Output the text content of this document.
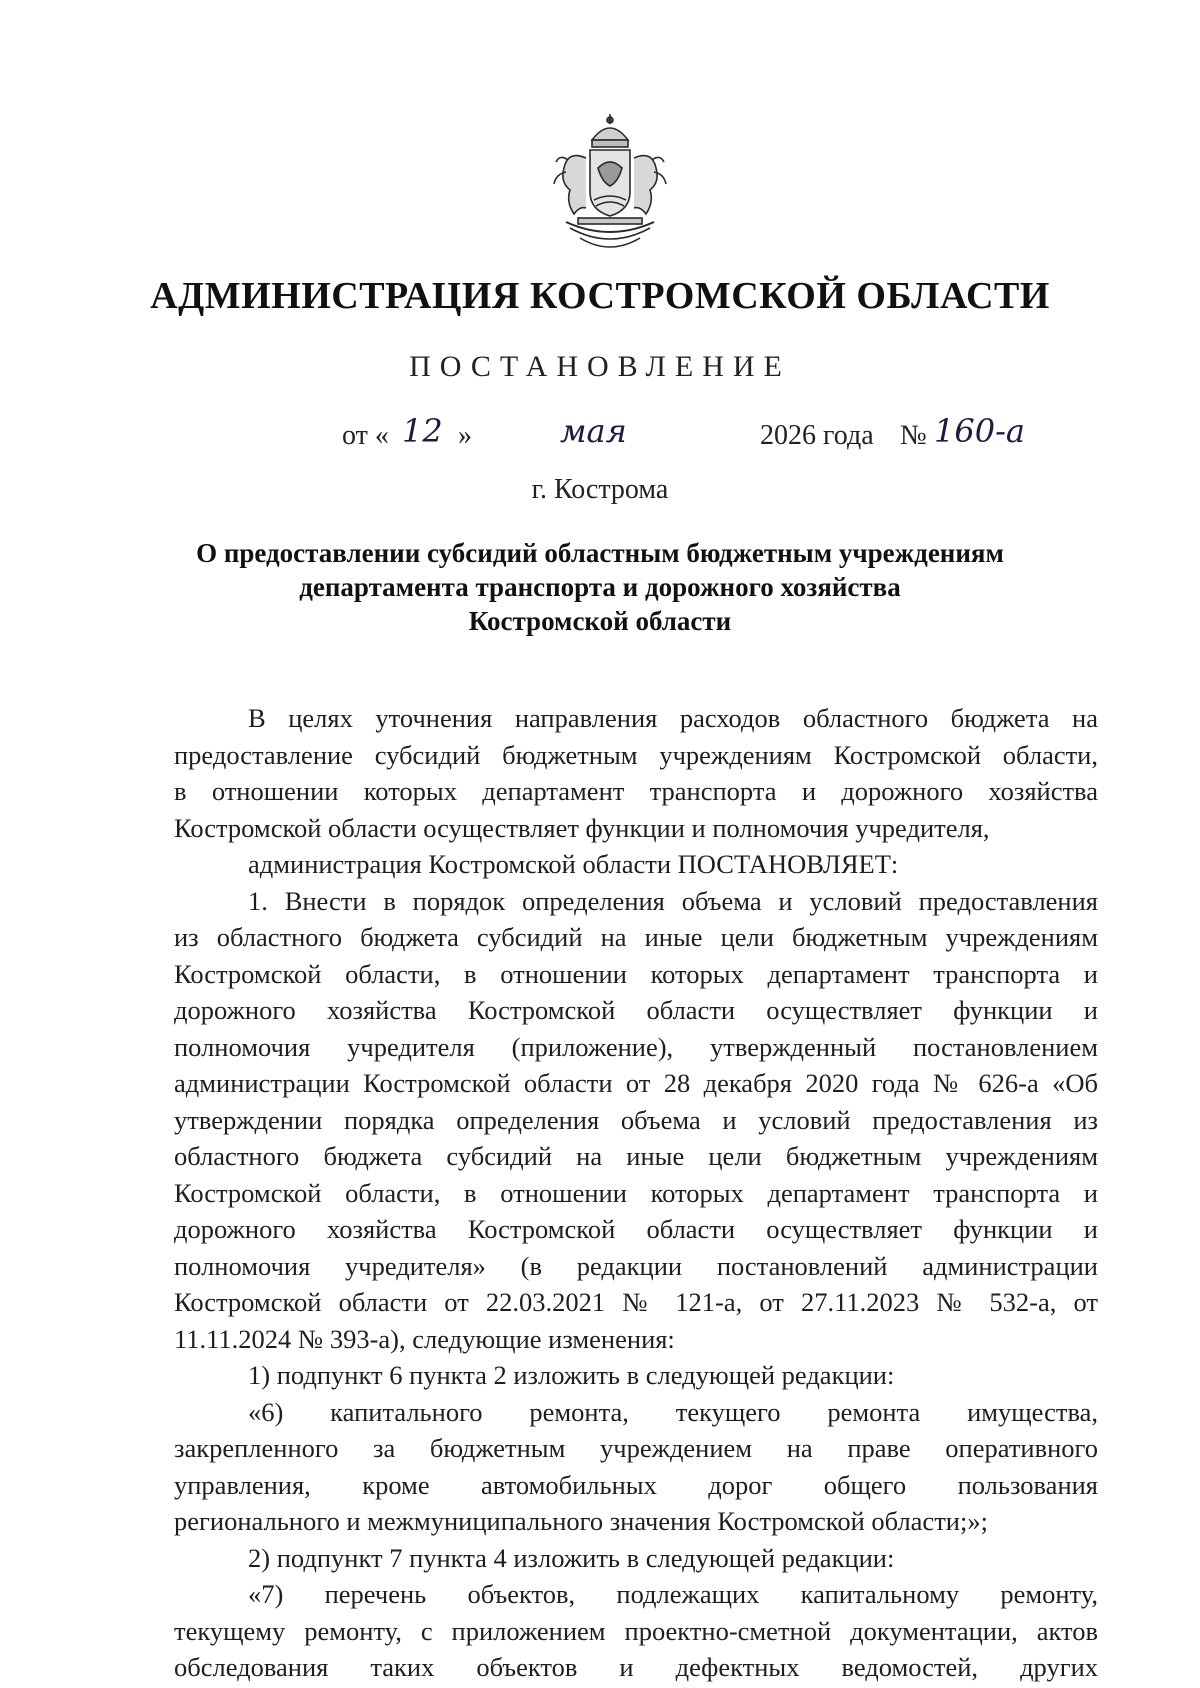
АДМИНИСТРАЦИЯ КОСТРОМСКОЙ ОБЛАСТИ
ПОСТАНОВЛЕНИЕ
от « 12 »	мая	2026 года № 160-а
г. Кострома
О предоставлении субсидий областным бюджетным учреждениям
департамента транспорта и дорожного хозяйства
Костромской области
В целях уточнения направления расходов областного бюджета на
предоставление субсидий бюджетным учреждениям Костромской области,
в отношении которых департамент транспорта и дорожного хозяйства
Костромской области осуществляет функции и полномочия учредителя,
администрация Костромской области ПОСТАНОВЛЯЕТ:
1. Внести в порядок определения объема и условий предоставления
из областного бюджета субсидий на иные цели бюджетным учреждениям
Костромской области, в отношении которых департамент транспорта и
дорожного хозяйства Костромской области осуществляет функции и
полномочия учредителя (приложение), утвержденный постановлением
администрации Костромской области от 28 декабря 2020 года № 626-а «Об
утверждении порядка определения объема и условий предоставления из
областного бюджета субсидий на иные цели бюджетным учреждениям
Костромской области, в отношении которых департамент транспорта и
дорожного хозяйства Костромской области осуществляет функции и
полномочия учредителя» (в редакции постановлений администрации
Костромской области от 22.03.2021 № 121-а, от 27.11.2023 № 532-а, от
11.11.2024 № 393-а), следующие изменения:
1) подпункт 6 пункта 2 изложить в следующей редакции:
«6) капитального ремонта, текущего ремонта имущества,
закрепленного за бюджетным учреждением на праве оперативного
управления, кроме автомобильных дорог общего пользования
регионального и межмуниципального значения Костромской области;»;
2) подпункт 7 пункта 4 изложить в следующей редакции:
«7) перечень объектов, подлежащих капитальному ремонту,
текущему ремонту, с приложением проектно-сметной документации, актов
обследования таких объектов и дефектных ведомостей, других
